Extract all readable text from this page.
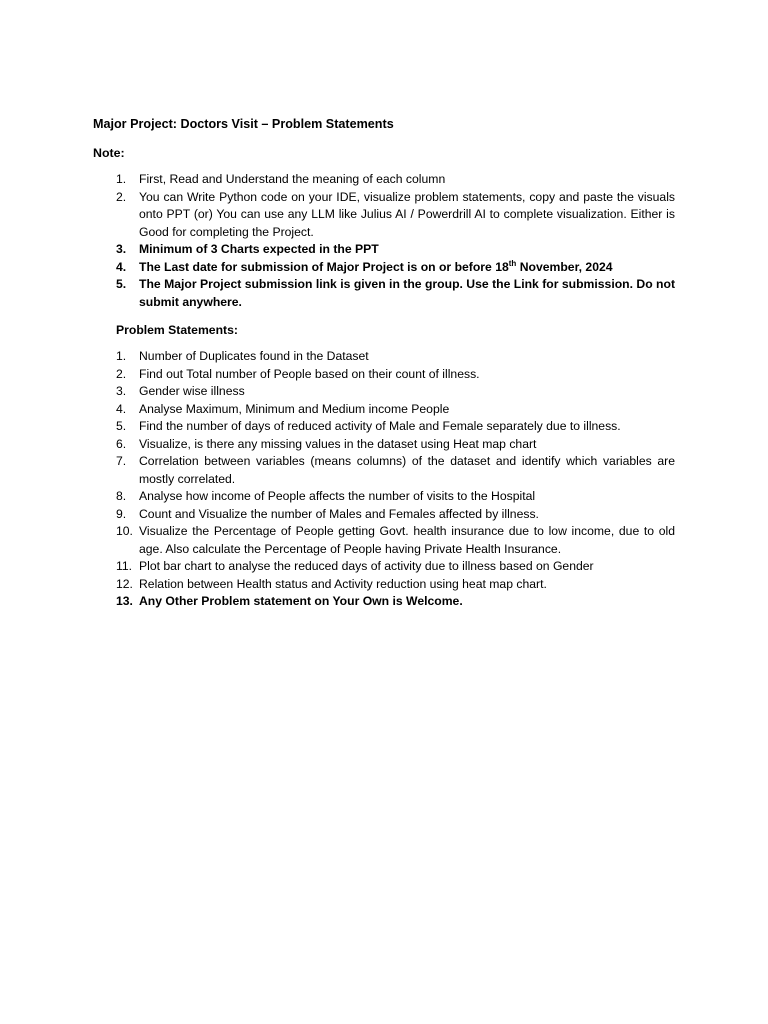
Major Project: Doctors Visit – Problem Statements
Note:
1. First, Read and Understand the meaning of each column
2. You can Write Python code on your IDE, visualize problem statements, copy and paste the visuals onto PPT (or) You can use any LLM like Julius AI / Powerdrill AI to complete visualization. Either is Good for completing the Project.
3. Minimum of 3 Charts expected in the PPT
4. The Last date for submission of Major Project is on or before 18th November, 2024
5. The Major Project submission link is given in the group. Use the Link for submission. Do not submit anywhere.
Problem Statements:
1. Number of Duplicates found in the Dataset
2. Find out Total number of People based on their count of illness.
3. Gender wise illness
4. Analyse Maximum, Minimum and Medium income People
5. Find the number of days of reduced activity of Male and Female separately due to illness.
6. Visualize, is there any missing values in the dataset using Heat map chart
7. Correlation between variables (means columns) of the dataset and identify which variables are mostly correlated.
8. Analyse how income of People affects the number of visits to the Hospital
9. Count and Visualize the number of Males and Females affected by illness.
10. Visualize the Percentage of People getting Govt. health insurance due to low income, due to old age. Also calculate the Percentage of People having Private Health Insurance.
11. Plot bar chart to analyse the reduced days of activity due to illness based on Gender
12. Relation between Health status and Activity reduction using heat map chart.
13. Any Other Problem statement on Your Own is Welcome.
